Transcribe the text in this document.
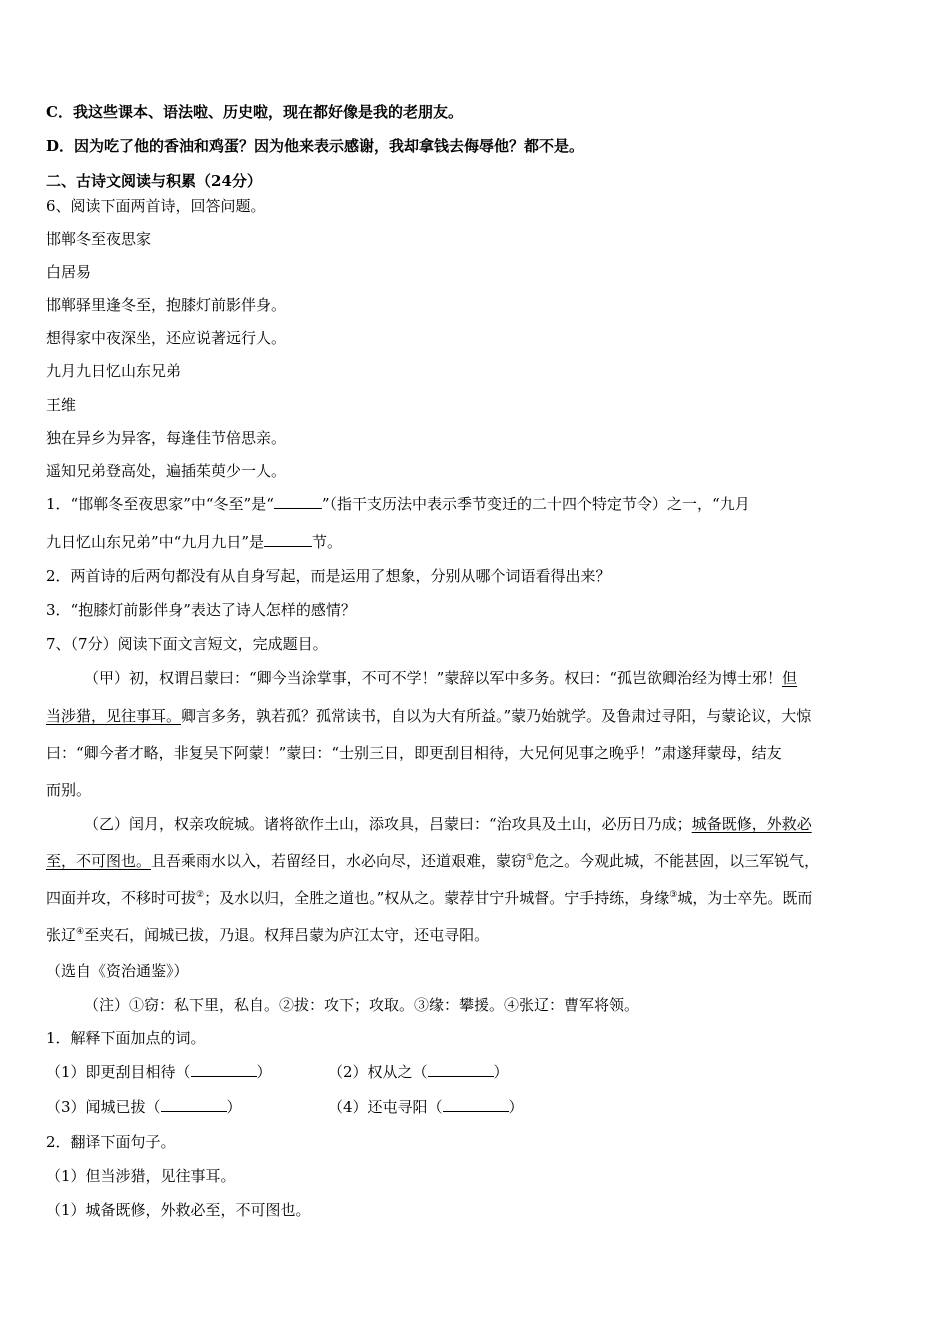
C．我这些课本、语法啦、历史啦，现在都好像是我的老朋友。
D．因为吃了他的香油和鸡蛋？因为他来表示感谢，我却拿钱去侮辱他？都不是。
二、古诗文阅读与积累（24分）
6、阅读下面两首诗，回答问题。
邯郸冬至夜思家
白居易
邯郸驿里逢冬至，抱膝灯前影伴身。
想得家中夜深坐，还应说著远行人。
九月九日忆山东兄弟
王维
独在异乡为异客，每逢佳节倍思亲。
遥知兄弟登高处，遍插茱萸少一人。
1．“邯郸冬至夜思家”中“冬至”是“	”（指干支历法中表示季节变迁的二十四个特定节令）之一，“九月
九日忆山东兄弟”中“九月九日”是	节。
2．两首诗的后两句都没有从自身写起，而是运用了想象，分别从哪个词语看得出来？
3．“抱膝灯前影伴身”表达了诗人怎样的感情？
7、（7分）阅读下面文言短文，完成题目。
（甲）初，权谓吕蒙曰：“卿今当涂掌事，不可不学！”蒙辞以军中多务。权曰：“孤岂欲卿治经为博士邪！但
当涉猎，见往事耳。卿言多务，孰若孤？孤常读书，自以为大有所益。”蒙乃始就学。及鲁肃过寻阳，与蒙论议，大惊
曰：“卿今者才略，非复吴下阿蒙！”蒙曰：“士别三日，即更刮目相待，大兄何见事之晚乎！”肃遂拜蒙母，结友
而别。
（乙）闰月，权亲攻皖城。诸将欲作土山，添攻具，吕蒙曰：“治攻具及土山，必历日乃成；城备既修，外救必
至，不可图也。且吾乘雨水以入，若留经日，水必向尽，还道艰难，蒙窃①危之。今观此城，不能甚固，以三军锐气，
四面并攻，不移时可拔②；及水以归，全胜之道也。”权从之。蒙荐甘宁升城督。宁手持练，身缘③城，为士卒先。既而
张辽④至夹石，闻城已拔，乃退。权拜吕蒙为庐江太守，还屯寻阳。
（选自《资治通鉴》）
（注）①窃：私下里，私自。②拔：攻下；攻取。③缘：攀援。④张辽：曹军将领。
1．解释下面加点的词。
（1）即更刮目相待（	）	（2）权从之（	）
（3）闻城已拔（	）	（4）还屯寻阳（	）
2．翻译下面句子。
（1）但当涉猎，见往事耳。
（1）城备既修，外救必至，不可图也。
